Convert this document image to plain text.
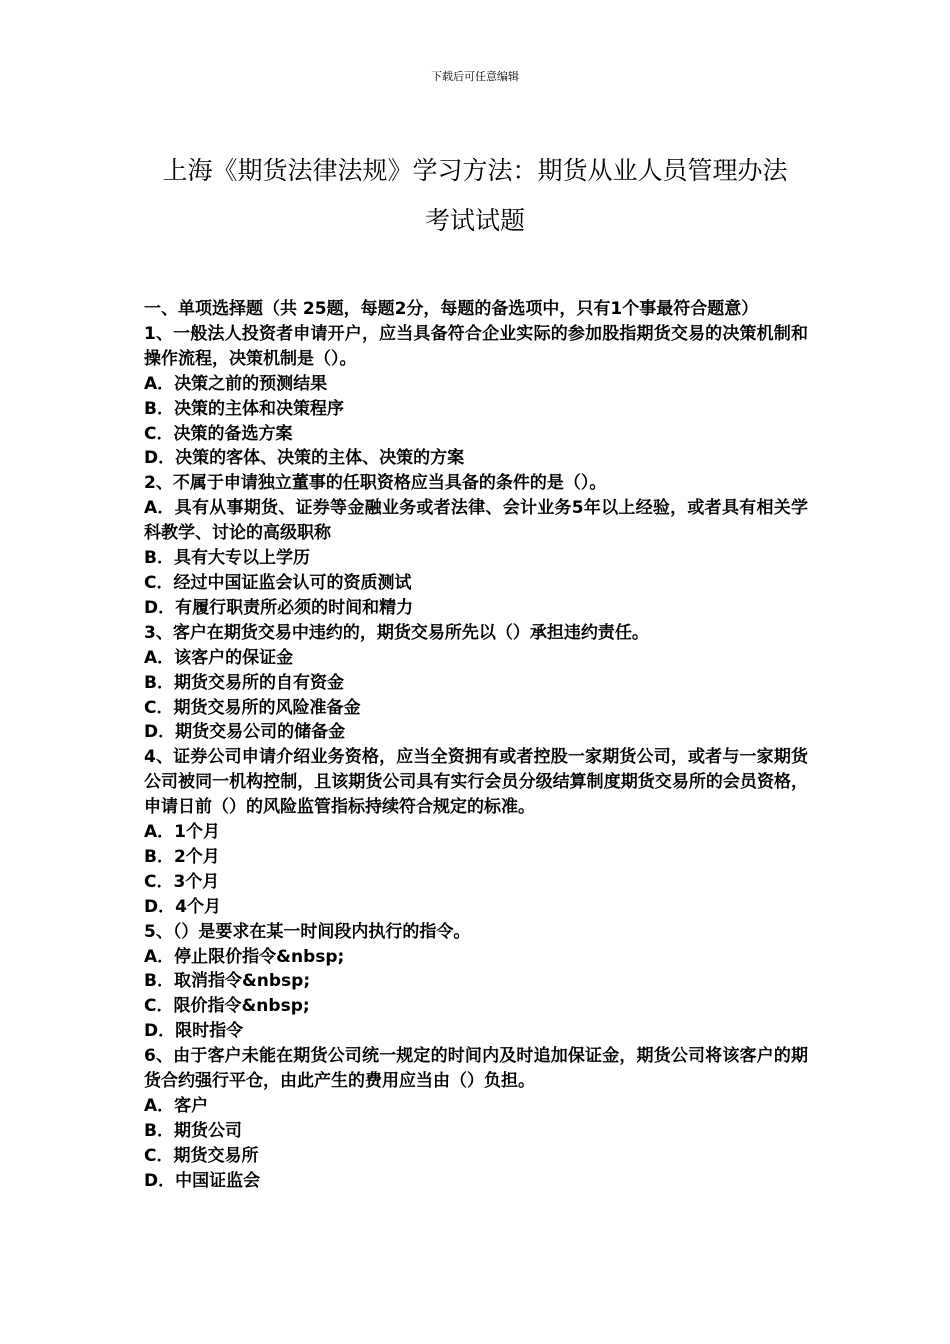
下载后可任意编辑
上海《期货法律法规》学习方法：期货从业人员管理办法
考试试题

一、单项选择题（共 25题，每题2分，每题的备选项中，只有1个事最符合题意）

1、一般法人投资者申请开户，应当具备符合企业实际的参加股指期货交易的决策机制和操作流程，决策机制是（）。

A．决策之前的预测结果

B．决策的主体和决策程序

C．决策的备选方案

D．决策的客体、决策的主体、决策的方案

2、不属于申请独立董事的任职资格应当具备的条件的是（）。

A．具有从事期货、证券等金融业务或者法律、会计业务5年以上经验，或者具有相关学科教学、讨论的高级职称

B．具有大专以上学历

C．经过中国证监会认可的资质测试

D．有履行职责所必须的时间和精力

3、客户在期货交易中违约的，期货交易所先以（）承担违约责任。

A．该客户的保证金

B．期货交易所的自有资金

C．期货交易所的风险准备金

D．期货交易公司的储备金

4、证券公司申请介绍业务资格，应当全资拥有或者控股一家期货公司，或者与一家期货公司被同一机构控制，且该期货公司具有实行会员分级结算制度期货交易所的会员资格，申请日前（）的风险监管指标持续符合规定的标准。

A．1个月

B．2个月

C．3个月

D．4个月

5、（）是要求在某一时间段内执行的指令。

A．停止限价指令&nbsp;

B．取消指令&nbsp;

C．限价指令&nbsp;

D．限时指令

6、由于客户未能在期货公司统一规定的时间内及时追加保证金，期货公司将该客户的期货合约强行平仓，由此产生的费用应当由（）负担。

A．客户

B．期货公司

C．期货交易所

D．中国证监会
